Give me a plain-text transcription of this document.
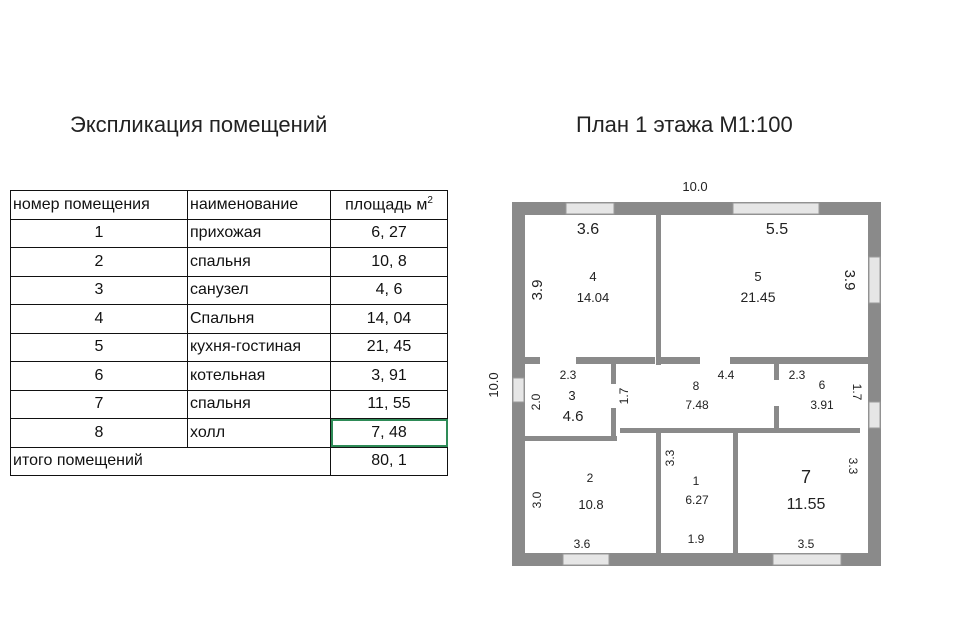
Экспликация помещений	План 1 этажа М1:100
номер помещения	наименование	площадь $м^2$
1	прихожая	6, 27
2	спальня	10, 8
3	санузел	4, 6
4	Спальня	14, 04
5	кухня-гостиная	21, 45
6	котельная	3, 91
7	спальня	11, 55
8	холл	7, 48
итого помещений		80, 1
10.0
10.0
3.6
3.9
4
14.04
5.5
3.9
5
21.45
2.3
2.0 3
4.6
4.4
1.7
8
7.48
2.3
1.7
6
3.91
3.0
2
10.8
3.6
3.3
1
6.27
1.9
3.3
7
11.55
3.5
